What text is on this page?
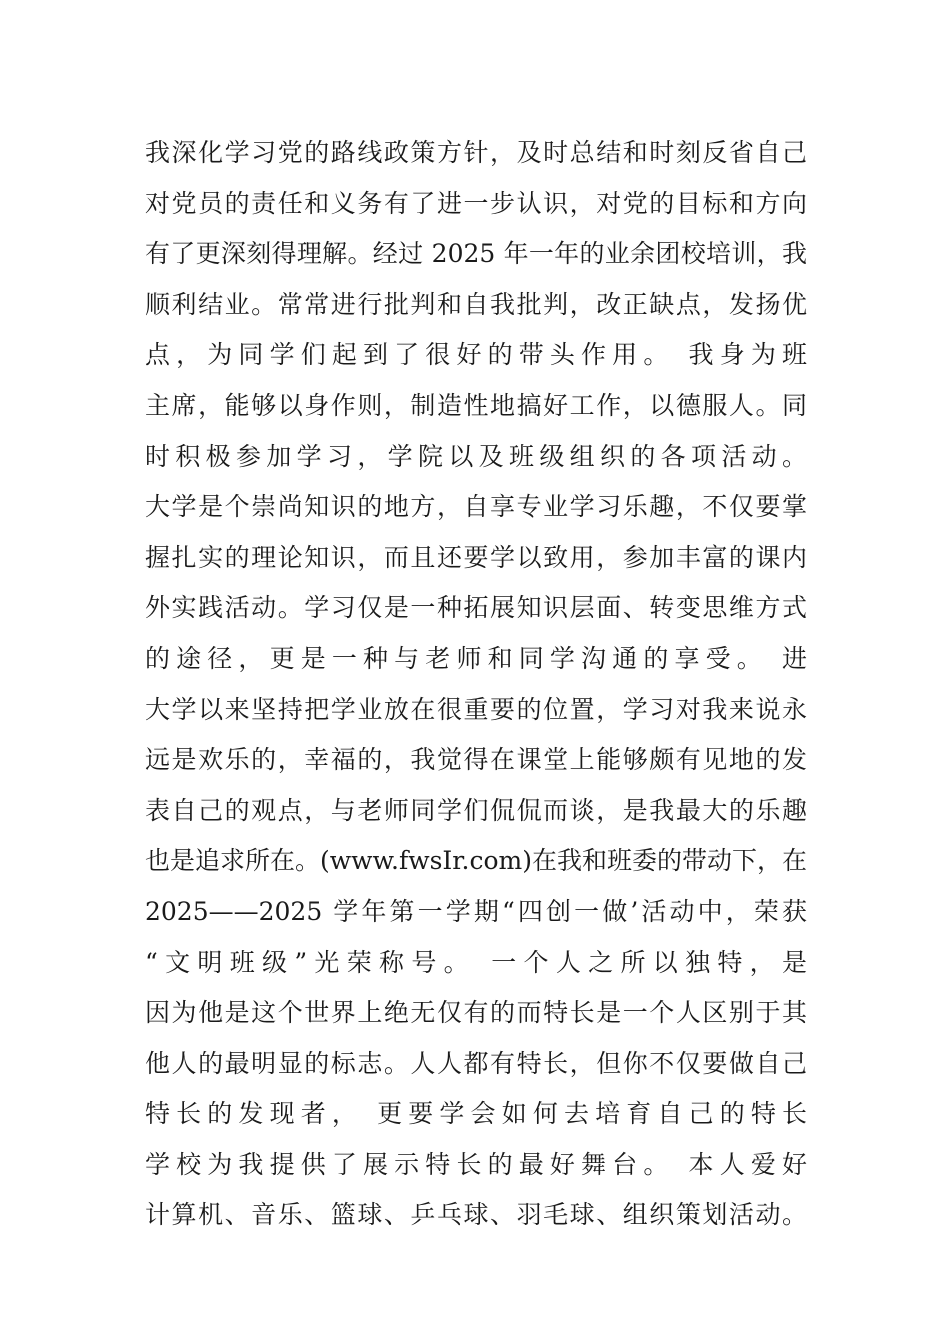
我深化学习党的路线政策方针，及时总结和时刻反省自己
对党员的责任和义务有了进一步认识，对党的目标和方向
有了更深刻得理解。经过 2025 年一年的业余团校培训，我
顺利结业。常常进行批判和自我批判，改正缺点，发扬优
点，为同学们起到了很好的带头作用。 我身为班
主席，能够以身作则，制造性地搞好工作，以德服人。同
时积极参加学习，学院以及班级组织的各项活动。
大学是个崇尚知识的地方，自享专业学习乐趣，不仅要掌
握扎实的理论知识，而且还要学以致用，参加丰富的课内
外实践活动。学习仅是一种拓展知识层面、转变思维方式
的途径，更是一种与老师和同学沟通的享受。 进
大学以来坚持把学业放在很重要的位置，学习对我来说永
远是欢乐的，幸福的，我觉得在课堂上能够颇有见地的发
表自己的观点，与老师同学们侃侃而谈，是我最大的乐趣
也是追求所在。(www.fwsIr.com)在我和班委的带动下，在
2025——2025 学年第一学期“四创一做’活动中，荣获
“文明班级”光荣称号。 一个人之所以独特，是
因为他是这个世界上绝无仅有的而特长是一个人区别于其
他人的最明显的标志。人人都有特长，但你不仅要做自己
特长的发现者， 更要学会如何去培育自己的特长
学校为我提供了展示特长的最好舞台。 本人爱好
计算机、音乐、篮球、乒乓球、羽毛球、组织策划活动。
